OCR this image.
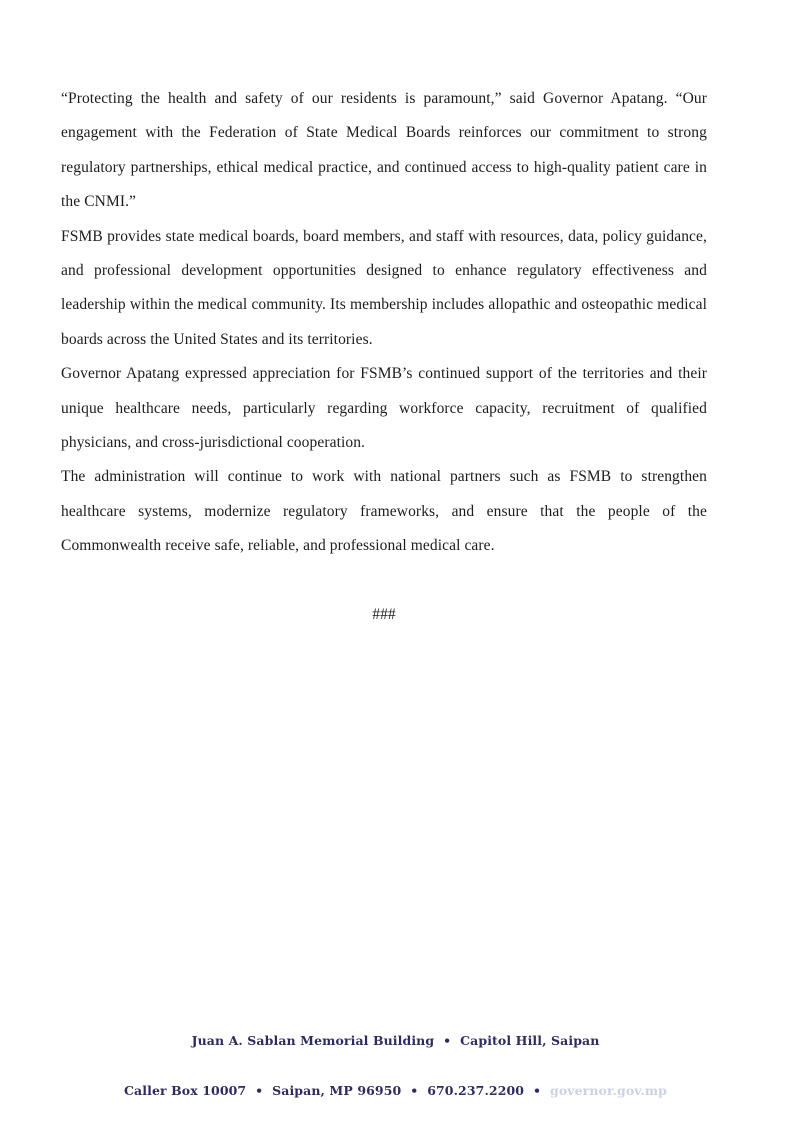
“Protecting the health and safety of our residents is paramount,” said Governor Apatang. “Our engagement with the Federation of State Medical Boards reinforces our commitment to strong regulatory partnerships, ethical medical practice, and continued access to high-quality patient care in the CNMI.”

FSMB provides state medical boards, board members, and staff with resources, data, policy guidance, and professional development opportunities designed to enhance regulatory effectiveness and leadership within the medical community. Its membership includes allopathic and osteopathic medical boards across the United States and its territories.

Governor Apatang expressed appreciation for FSMB’s continued support of the territories and their unique healthcare needs, particularly regarding workforce capacity, recruitment of qualified physicians, and cross-jurisdictional cooperation.

The administration will continue to work with national partners such as FSMB to strengthen healthcare systems, modernize regulatory frameworks, and ensure that the people of the Commonwealth receive safe, reliable, and professional medical care.

###

Juan A. Sablan Memorial Building  •  Capitol Hill, Saipan

Caller Box 10007  •  Saipan, MP 96950  •  670.237.2200  •  governor.gov.mp
